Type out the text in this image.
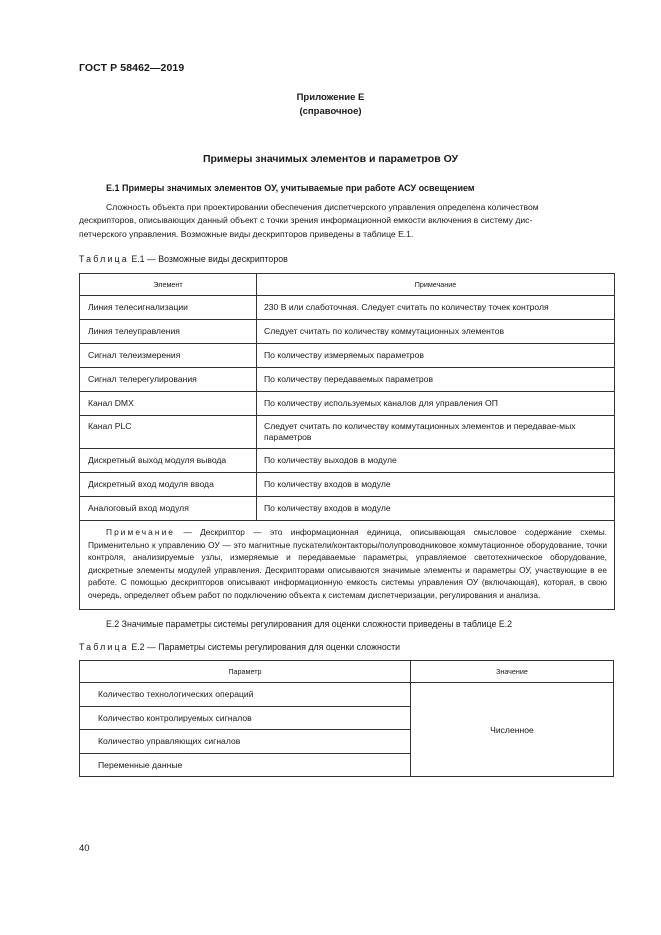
ГОСТ Р 58462—2019
Приложение Е
(справочное)
Примеры значимых элементов и параметров ОУ
Е.1 Примеры значимых элементов ОУ, учитываемые при работе АСУ освещением

Сложность объекта при проектировании обеспечения диспетчерского управления определена количеством

дескрипторов, описывающих данный объект с точки зрения информационной емкости включения в систему дис-

петчерского управления. Возможные виды дескрипторов приведены в таблице Е.1.

Таблица Е.1 — Возможные виды дескрипторов
Элемент	Примечание
Линия телесигнализации	230 В или слаботочная. Следует считать по количеству точек контроля
Линия телеуправления	Следует считать по количеству коммутационных элементов
Сигнал телеизмерения	По количеству измеряемых параметров
Сигнал телерегулирования	По количеству передаваемых параметров
Канал DMX	По количеству используемых каналов для управления ОП
Канал PLC	Следует считать по количеству коммутационных элементов и передавае-мых параметров
Дискретный выход модуля вывода	По количеству выходов в модуле
Дискретный вход модуля ввода	По количеству входов в модуле
Аналоговый вход модуля	По количеству входов в модуле
Примечание — Дескриптор — это информационная единица, описывающая смысловое содержание схемы. Применительно к управлению ОУ — это магнитные пускатели/контакторы/полупроводниковое коммутационное оборудование, точки контроля, анализируемые узлы, измеряемые и передаваемые параметры, управляемое светотехническое оборудование, дискретные элементы модулей управления. Дескрипторами описываются значимые элементы и параметры ОУ, участвующие в ее работе. С помощью дескрипторов описывают информационную емкость системы управления ОУ (включающая), которая, в свою очередь, определяет объем работ по подключению объекта к системам диспетчеризации, регулирования и анализа.	
Е.2 Значимые параметры системы регулирования для оценки сложности приведены в таблице Е.2
Таблица Е.2 — Параметры системы регулирования для оценки сложности
Параметр	Значение
Количество технологических операций	Численное
Количество контролируемых сигналов	
Количество управляющих сигналов	
Переменные данные	
40
